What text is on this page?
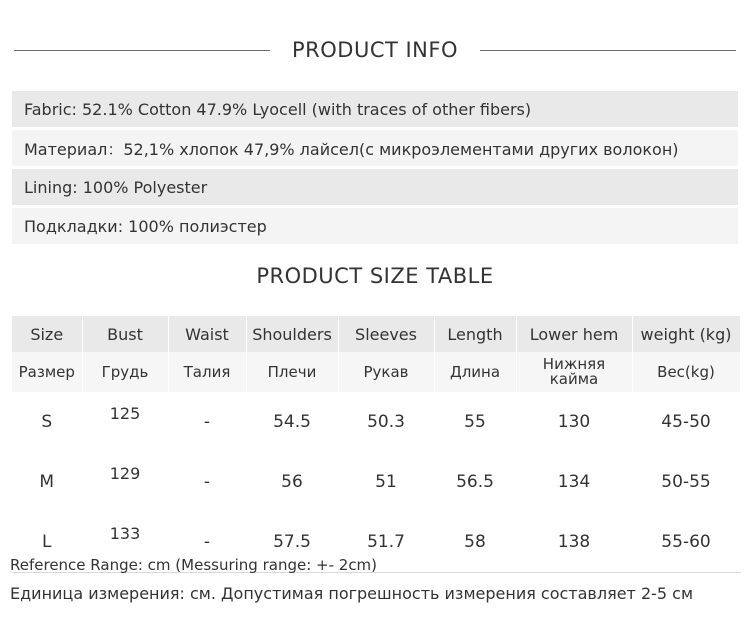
PRODUCT INFO
Fabric: 52.1% Cotton 47.9% Lyocell (with traces of other fibers)
Материал：52,1% хлопок 47,9% лайсел(с микроэлементами других волокон)
Lining: 100% Polyester
Подкладки: 100% полиэстер
PRODUCT SIZE TABLE
Size	Bust	Waist	Shoulders	Sleeves	Length	Lower hem	weight (kg)
Размер	Грудь	Талия	Плечи	Рукав	Длина	Нижняя кайма	Вес(kg)
S	125	-	54.5	50.3	55	130	45-50
M	129	-	56	51	56.5	134	50-55
L	133	-	57.5	51.7	58	138	55-60
Reference Range: cm (Messuring range: +- 2cm)
Единица измерения: см. Допустимая погрешность измерения составляет 2-5 см
